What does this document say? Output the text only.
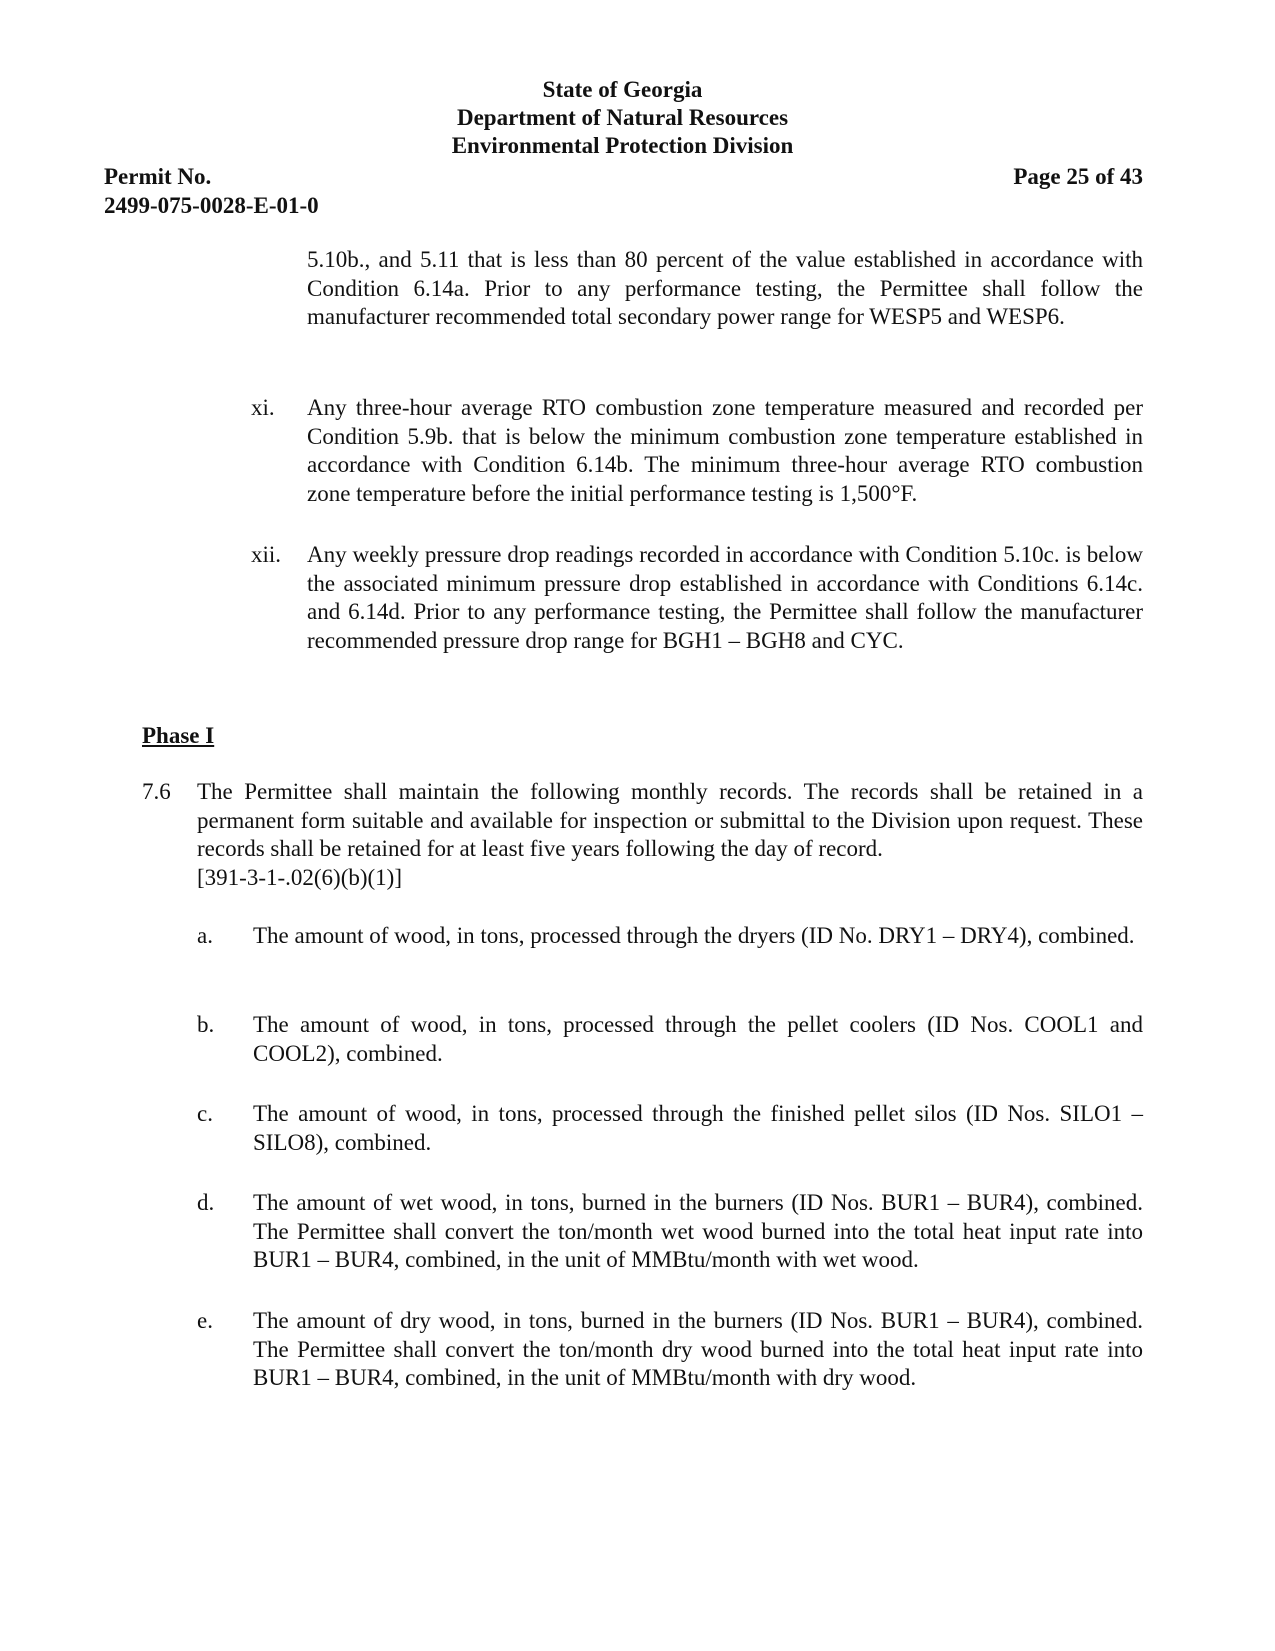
State of Georgia
Department of Natural Resources
Environmental Protection Division
Permit No.
2499-075-0028-E-01-0
Page 25 of 43
5.10b., and 5.11 that is less than 80 percent of the value established in accordance with Condition 6.14a. Prior to any performance testing, the Permittee shall follow the manufacturer recommended total secondary power range for WESP5 and WESP6.
xi. Any three-hour average RTO combustion zone temperature measured and recorded per Condition 5.9b. that is below the minimum combustion zone temperature established in accordance with Condition 6.14b. The minimum three-hour average RTO combustion zone temperature before the initial performance testing is 1,500°F.
xii. Any weekly pressure drop readings recorded in accordance with Condition 5.10c. is below the associated minimum pressure drop established in accordance with Conditions 6.14c. and 6.14d. Prior to any performance testing, the Permittee shall follow the manufacturer recommended pressure drop range for BGH1 – BGH8 and CYC.
Phase I
7.6 The Permittee shall maintain the following monthly records. The records shall be retained in a permanent form suitable and available for inspection or submittal to the Division upon request. These records shall be retained for at least five years following the day of record.
[391-3-1-.02(6)(b)(1)]
a. The amount of wood, in tons, processed through the dryers (ID No. DRY1 – DRY4), combined.
b. The amount of wood, in tons, processed through the pellet coolers (ID Nos. COOL1 and COOL2), combined.
c. The amount of wood, in tons, processed through the finished pellet silos (ID Nos. SILO1 – SILO8), combined.
d. The amount of wet wood, in tons, burned in the burners (ID Nos. BUR1 – BUR4), combined. The Permittee shall convert the ton/month wet wood burned into the total heat input rate into BUR1 – BUR4, combined, in the unit of MMBtu/month with wet wood.
e. The amount of dry wood, in tons, burned in the burners (ID Nos. BUR1 – BUR4), combined. The Permittee shall convert the ton/month dry wood burned into the total heat input rate into BUR1 – BUR4, combined, in the unit of MMBtu/month with dry wood.
